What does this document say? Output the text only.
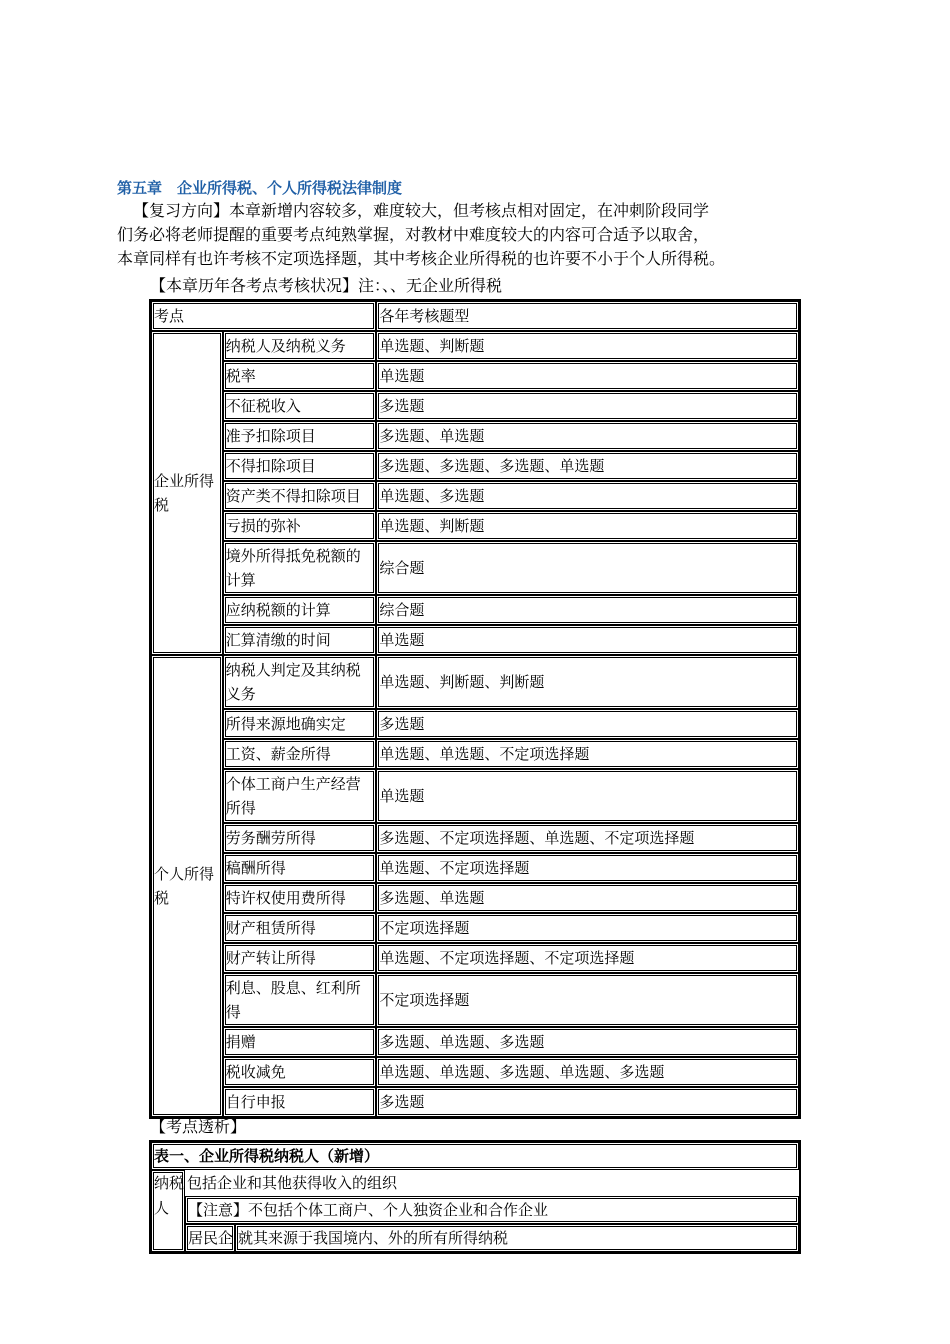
第五章　企业所得税、个人所得税法律制度

【复习方向】本章新增内容较多，难度较大，但考核点相对固定，在冲刺阶段同学

们务必将老师提醒的重要考点纯熟掌握，对教材中难度较大的内容可合适予以取舍，

本章同样有也许考核不定项选择题，其中考核企业所得税的也许要不小于个人所得税。

【本章历年各考点考核状况】注：、、无企业所得税
考点		各年考核题型
企业所得税	纳税人及纳税义务	单选题、判断题
	税率	单选题
	不征税收入	多选题
	准予扣除项目	多选题、单选题
	不得扣除项目	多选题、多选题、多选题、单选题
	资产类不得扣除项目	单选题、多选题
	亏损的弥补	单选题、判断题
	境外所得抵免税额的计算	综合题
	应纳税额的计算	综合题
	汇算清缴的时间	单选题
个人所得税	纳税人判定及其纳税义务	单选题、判断题、判断题
	所得来源地确实定	多选题
	工资、薪金所得	单选题、单选题、不定项选择题
	个体工商户生产经营所得	单选题
	劳务酬劳所得	多选题、不定项选择题、单选题、不定项选择题
	稿酬所得	单选题、不定项选择题
	特许权使用费所得	多选题、单选题
	财产租赁所得	不定项选择题
	财产转让所得	单选题、不定项选择题、不定项选择题
	利息、股息、红利所得	不定项选择题
	捐赠	多选题、单选题、多选题
	税收减免	单选题、单选题、多选题、单选题、多选题
	自行申报	多选题
【考点透析】
表一、企业所得税纳税人（新增）		
纳税人	包括企业和其他获得收入的组织	
	【注意】不包括个体工商户、个人独资企业和合作企业	
	居民企	就其来源于我国境内、外的所有所得纳税
